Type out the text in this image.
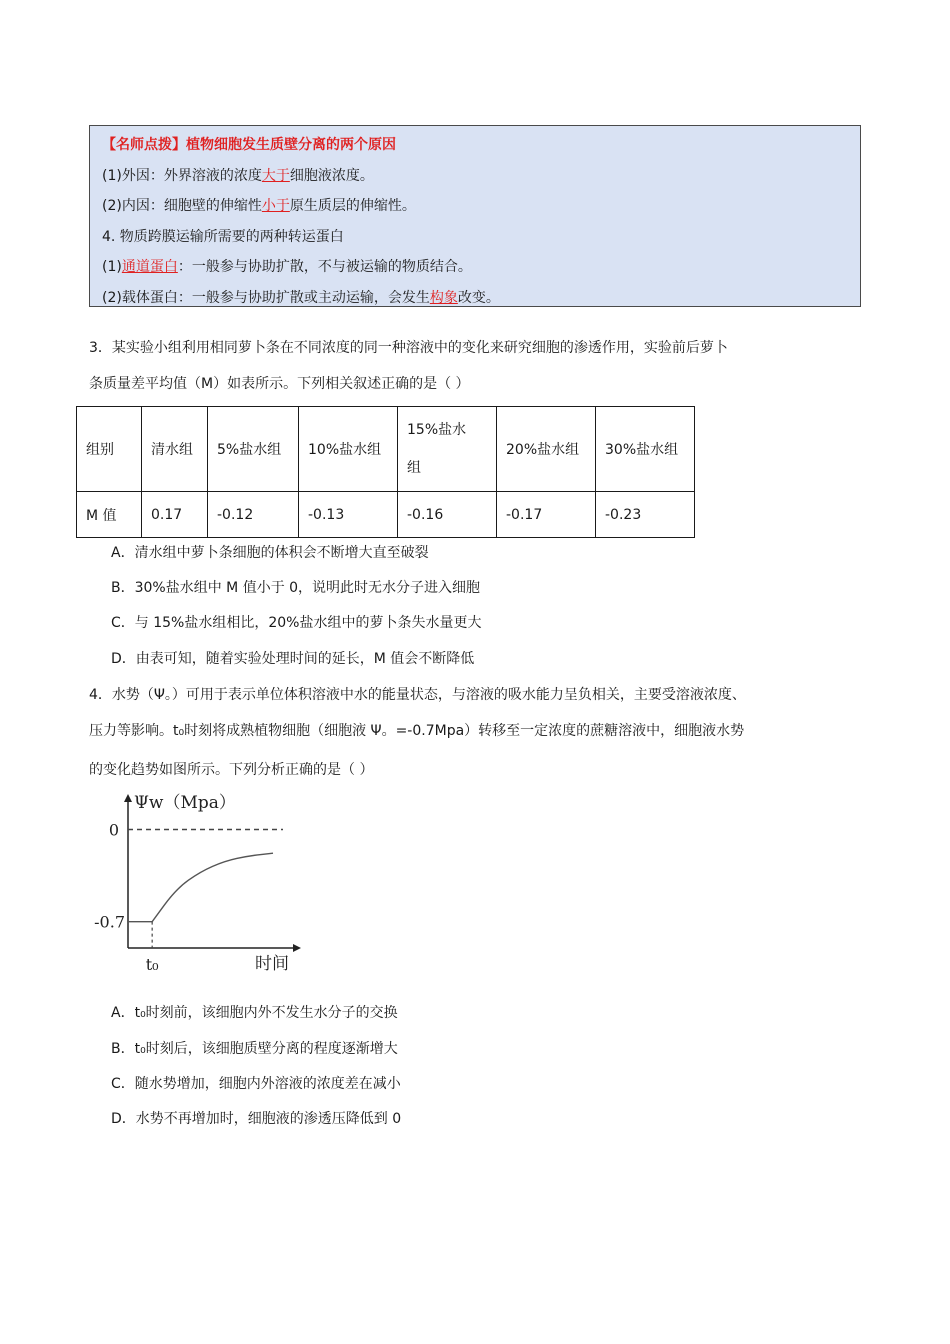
【名师点拨】植物细胞发生质壁分离的两个原因
(1)外因：外界溶液的浓度大于细胞液浓度。
(2)内因：细胞壁的伸缩性小于原生质层的伸缩性。
4. 物质跨膜运输所需要的两种转运蛋白
(1)通道蛋白：一般参与协助扩散，不与被运输的物质结合。
(2)载体蛋白：一般参与协助扩散或主动运输，会发生构象改变。
3．某实验小组利用相同萝卜条在不同浓度的同一种溶液中的变化来研究细胞的渗透作用，实验前后萝卜
条质量差平均值（M）如表所示。下列相关叙述正确的是（ ）
组别	清水组	5%盐水组	10%盐水组	15%盐水组	20%盐水组	30%盐水组
M 值	0.17	-0.12	-0.13	-0.16	-0.17	-0.23
A．清水组中萝卜条细胞的体积会不断增大直至破裂
B．30%盐水组中 M 值小于 0，说明此时无水分子进入细胞
C．与 15%盐水组相比，20%盐水组中的萝卜条失水量更大
D．由表可知，随着实验处理时间的延长，M 值会不断降低
4．水势（Ψ。）可用于表示单位体积溶液中水的能量状态，与溶液的吸水能力呈负相关，主要受溶液浓度、
压力等影响。t₀时刻将成熟植物细胞（细胞液 Ψ。=-0.7Mpa）转移至一定浓度的蔗糖溶液中，细胞液水势
的变化趋势如图所示。下列分析正确的是（ ）
Ψw（Mpa）
时间
0
-0.7
t₀
A．t₀时刻前，该细胞内外不发生水分子的交换
B．t₀时刻后，该细胞质壁分离的程度逐渐增大
C．随水势增加，细胞内外溶液的浓度差在减小
D．水势不再增加时，细胞液的渗透压降低到 0
